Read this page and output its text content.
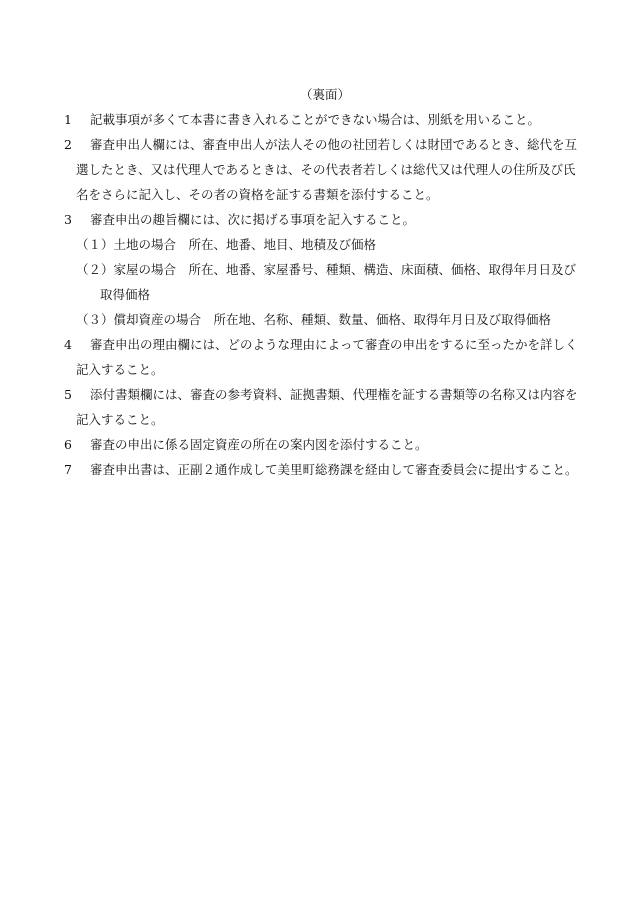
（裏面）
1 記載事項が多くて本書に書き入れることができない場合は、別紙を用いること。
2 審査申出人欄には、審査申出人が法人その他の社団若しくは財団であるとき、総代を互
選したとき、又は代理人であるときは、その代表者若しくは総代又は代理人の住所及び氏
名をさらに記入し、その者の資格を証する書類を添付すること。
3 審査申出の趣旨欄には、次に掲げる事項を記入すること。
（１）土地の場合　所在、地番、地目、地積及び価格
（２）家屋の場合　所在、地番、家屋番号、種類、構造、床面積、価格、取得年月日及び
取得価格
（３）償却資産の場合　所在地、名称、種類、数量、価格、取得年月日及び取得価格
4 審査申出の理由欄には、どのような理由によって審査の申出をするに至ったかを詳しく
記入すること。
5 添付書類欄には、審査の参考資料、証拠書類、代理権を証する書類等の名称又は内容を
記入すること。
6 審査の申出に係る固定資産の所在の案内図を添付すること。
7 審査申出書は、正副２通作成して美里町総務課を経由して審査委員会に提出すること。
